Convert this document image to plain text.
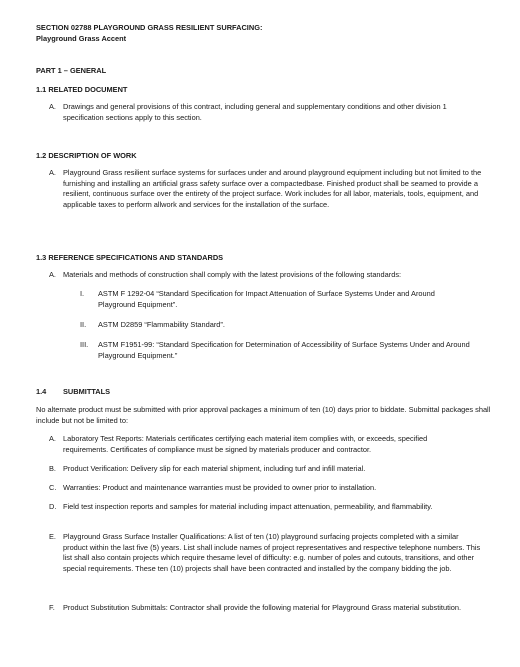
SECTION 02788 PLAYGROUND GRASS RESILIENT SURFACING:
Playground Grass Accent
PART 1 – GENERAL
1.1 RELATED DOCUMENT
A. Drawings and general provisions of this contract, including general and supplementary conditions and other division 1 specification sections apply to this section.
1.2 DESCRIPTION OF WORK
A. Playground Grass resilient surface systems for surfaces under and around playground equipment including but not limited to the furnishing and installing an artificial grass safety surface over a compactedbase. Finished product shall be seamed to provide a resilient, continuous surface over the entirety of the project surface. Work includes for all labor, materials, tools, equipment, and applicable taxes to perform allwork and services for the installation of the surface.
1.3 REFERENCE SPECIFICATIONS AND STANDARDS
A. Materials and methods of construction shall comply with the latest provisions of the following standards:
I. ASTM F 1292-04 “Standard Specification for Impact Attenuation of Surface Systems Under and Around Playground Equipment”.
II. ASTM D2859 “Flammability Standard”.
III. ASTM F1951-99: “Standard Specification for Determination of Accessibility of Surface Systems Under and Around Playground Equipment.”
1.4 SUBMITTALS
No alternate product must be submitted with prior approval packages a minimum of ten (10) days prior to biddate. Submittal packages shall include but not be limited to:
A. Laboratory Test Reports: Materials certificates certifying each material item complies with, or exceeds, specified requirements. Certificates of compliance must be signed by materials producer and contractor.
B. Product Verification: Delivery slip for each material shipment, including turf and infill material.
C. Warranties: Product and maintenance warranties must be provided to owner prior to installation.
D. Field test inspection reports and samples for material including impact attenuation, permeability, and flammability.
E. Playground Grass Surface Installer Qualifications: A list of ten (10) playground surfacing projects completed with a similar product within the last five (5) years. List shall include names of project representatives and respective telephone numbers. This list shall also contain projects which require thesame level of difficulty: e.g. number of poles and cutouts, transitions, and other special requirements. These ten (10) projects shall have been contracted and installed by the company bidding the job.
F. Product Substitution Submittals: Contractor shall provide the following material for Playground Grass material substitution.
